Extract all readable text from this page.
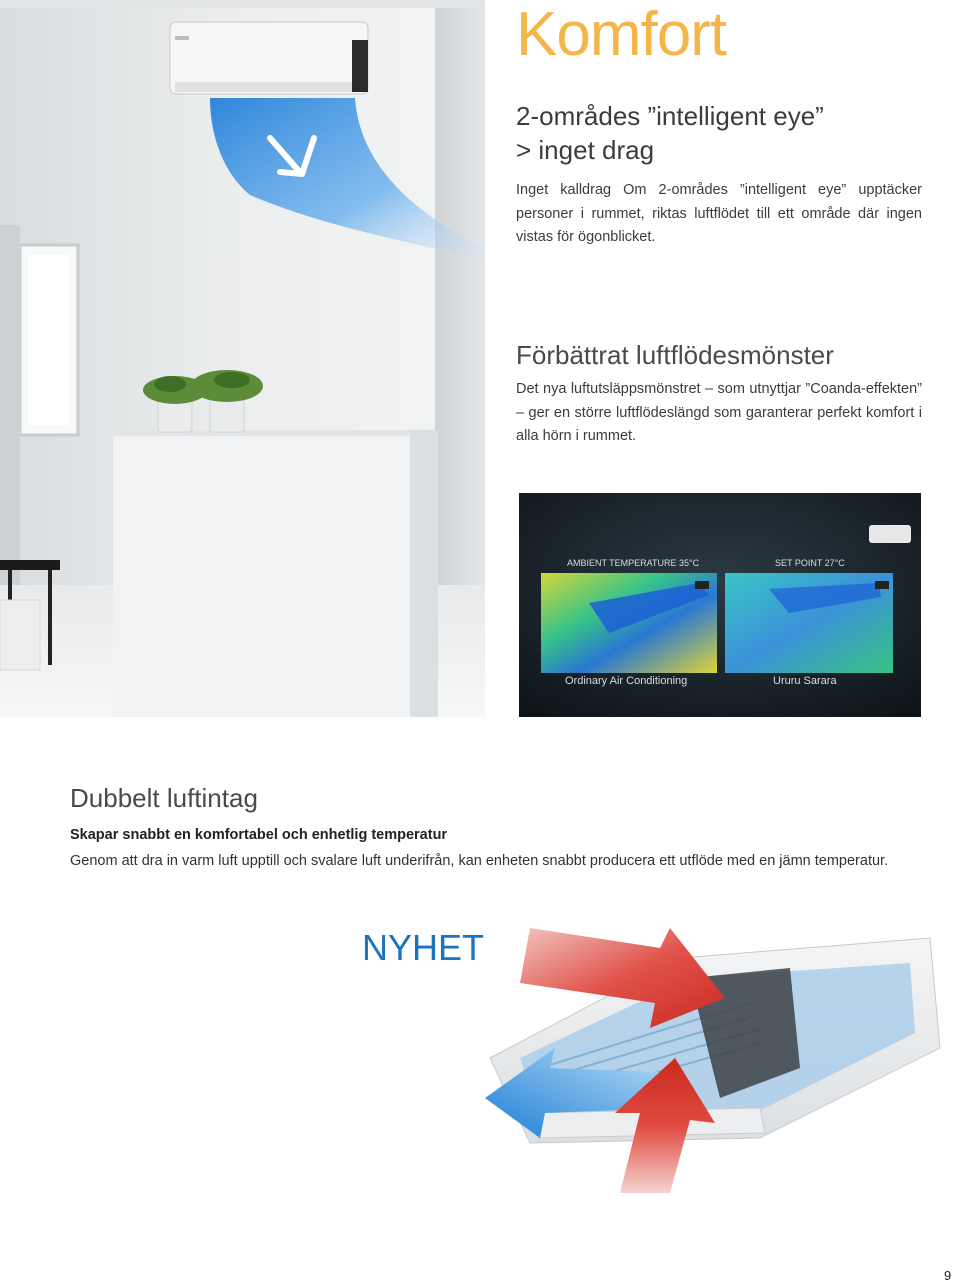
Komfort
2-områdes ”intelligent eye”
> inget drag
Inget kalldrag Om 2-områdes ”intelligent eye” upptäcker personer i rummet, riktas luftflödet till ett område där ingen vistas för ögonblicket.
Förbättrat luftflödesmönster
Det nya luftutsläppsmönstret – som utnyttjar ”Coanda-effekten” – ger en större luftflödeslängd som garanterar perfekt komfort i alla hörn i rummet.
AMBIENT TEMPERATURE 35°C	SET POINT 27°C
Ordinary Air Conditioning	Ururu Sarara
Dubbelt luftintag
Skapar snabbt en komfortabel och enhetlig temperatur
Genom att dra in varm luft upptill och svalare luft underifrån, kan enheten snabbt producera ett utflöde med en jämn temperatur.
NYHET
9
